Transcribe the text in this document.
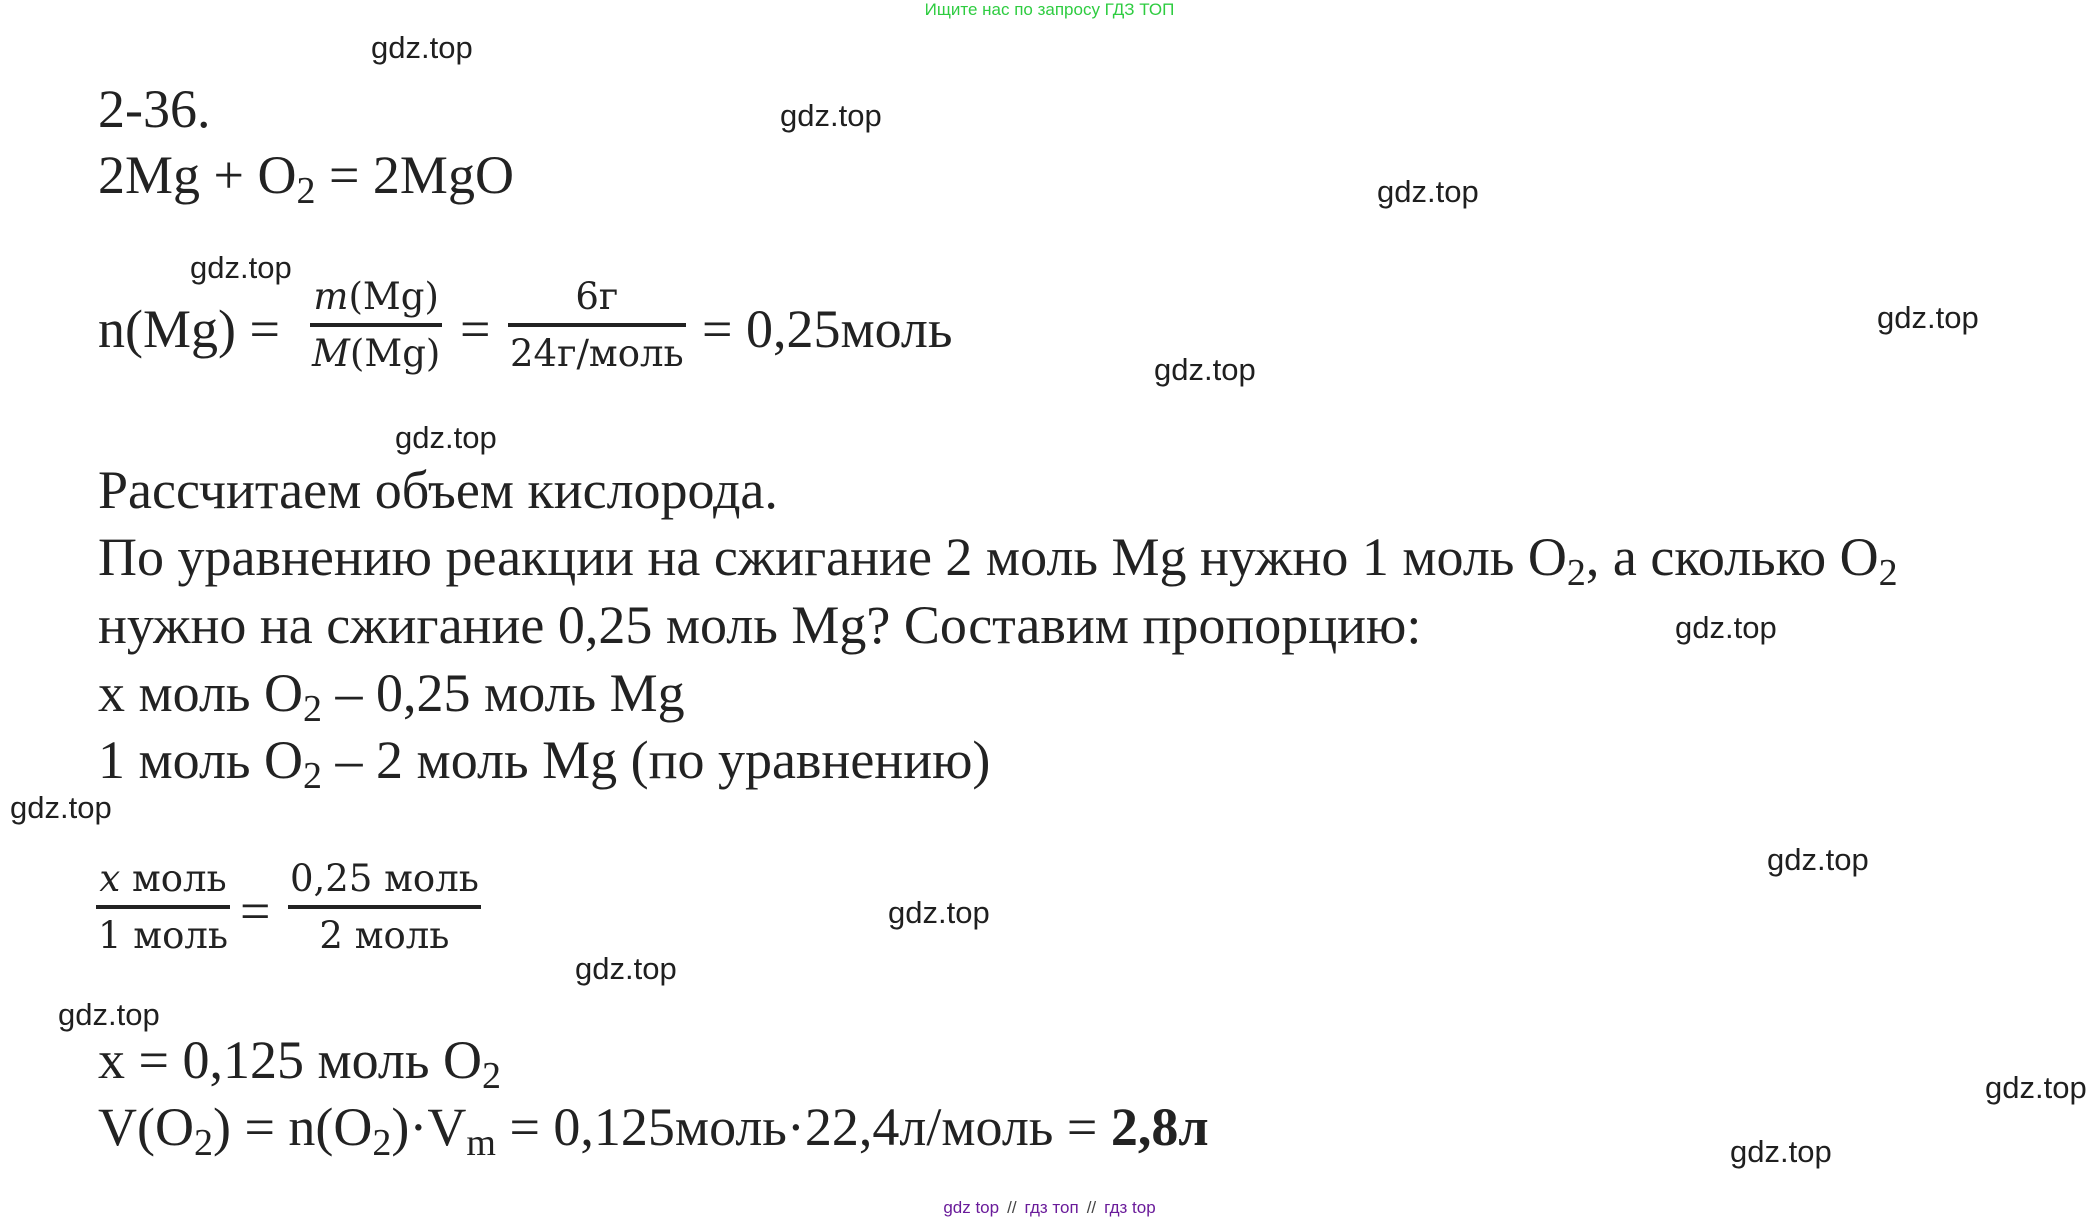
Ищите нас по запросу ГДЗ ТОП
gdz.top
gdz.top
gdz.top
gdz.top
gdz.top
gdz.top
gdz.top
gdz.top
gdz.top
gdz.top
gdz.top
gdz.top
gdz.top
gdz.top
gdz.top
2-36.
$2Mg + O_2 = 2MgO$
n(Mg) =
m(Mg)
M(Mg) =
6г
24г/моль = 0,25моль
Рассчитаем объем кислорода.
По уравнению реакции на сжигание 2 моль Mg нужно 1 моль $O_2$, а сколько $O_2$
нужно на сжигание 0,25 моль Mg? Составим пропорцию:
x моль $O_2 - 0,25$ моль Mg
1 моль $O_2 - 2$ моль Mg (по уравнению)
x моль
1 моль =
0,25 моль
2 моль
x = 0,125 моль $O_2$
$V(O_2) = n(O_2)\cdot V_m$ = 0,125моль·22,4л/моль = 2,8л
gdz top // гдз топ // гдз top
